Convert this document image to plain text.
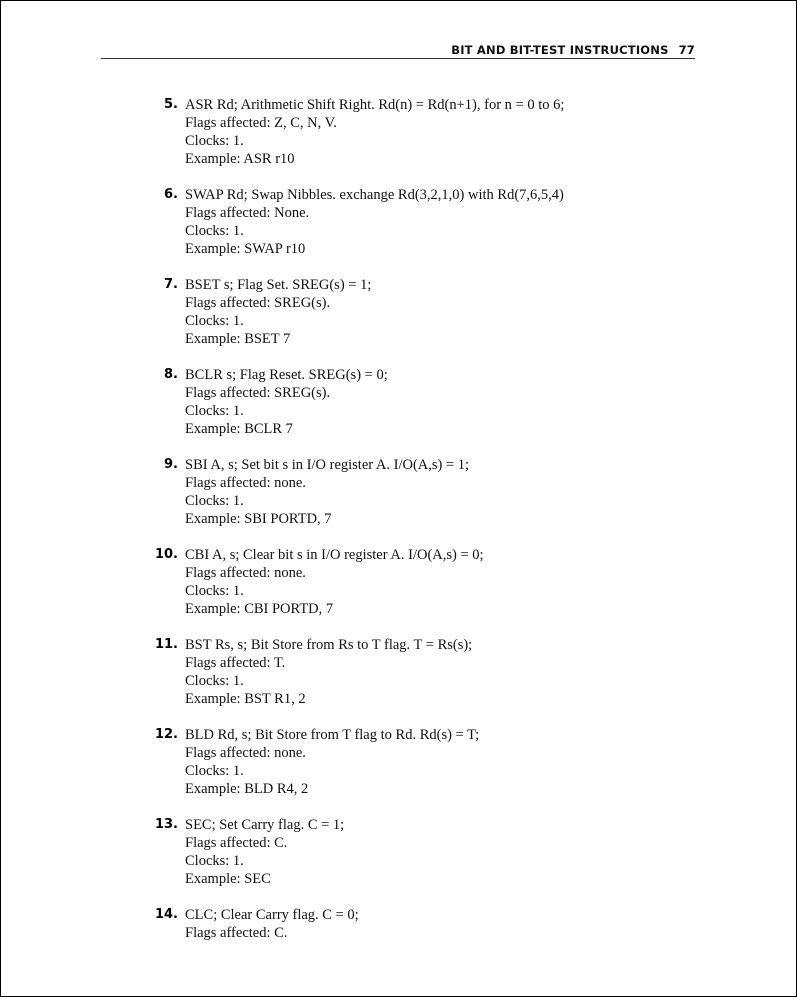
BIT AND BIT-TEST INSTRUCTIONS 77
5. ASR Rd; Arithmetic Shift Right. Rd(n) = Rd(n+1), for n = 0 to 6;
Flags affected: Z, C, N, V.
Clocks: 1.
Example: ASR r10
6. SWAP Rd; Swap Nibbles. exchange Rd(3,2,1,0) with Rd(7,6,5,4)
Flags affected: None.
Clocks: 1.
Example: SWAP r10
7. BSET s; Flag Set. SREG(s) = 1;
Flags affected: SREG(s).
Clocks: 1.
Example: BSET 7
8. BCLR s; Flag Reset. SREG(s) = 0;
Flags affected: SREG(s).
Clocks: 1.
Example: BCLR 7
9. SBI A, s; Set bit s in I/O register A. I/O(A,s) = 1;
Flags affected: none.
Clocks: 1.
Example: SBI PORTD, 7
10. CBI A, s; Clear bit s in I/O register A. I/O(A,s) = 0;
Flags affected: none.
Clocks: 1.
Example: CBI PORTD, 7
11. BST Rs, s; Bit Store from Rs to T flag. T = Rs(s);
Flags affected: T.
Clocks: 1.
Example: BST R1, 2
12. BLD Rd, s; Bit Store from T flag to Rd. Rd(s) = T;
Flags affected: none.
Clocks: 1.
Example: BLD R4, 2
13. SEC; Set Carry flag. C = 1;
Flags affected: C.
Clocks: 1.
Example: SEC
14. CLC; Clear Carry flag. C = 0;
Flags affected: C.
